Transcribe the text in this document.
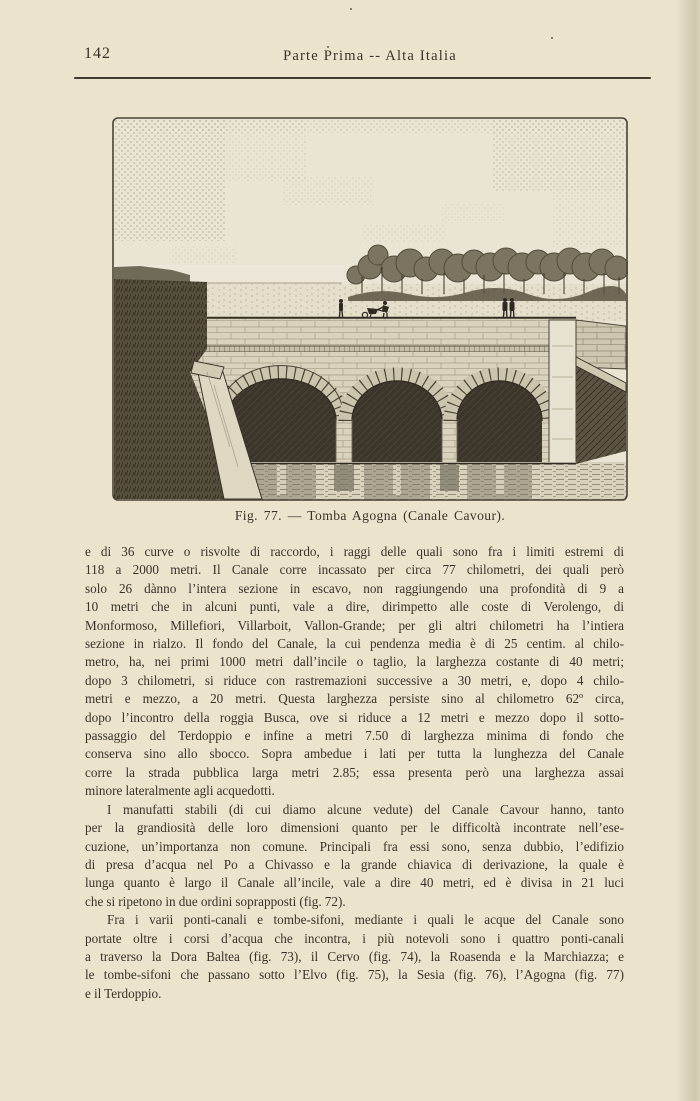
142	Parte Prima -- Alta Italia
Fig. 77. — Tomba Agogna (Canale Cavour).
e di 36 curve o risvolte di raccordo, i raggi delle quali sono fra i limiti estremi di
118 a 2000 metri. Il Canale corre incassato per circa 77 chilometri, dei quali però
solo 26 dànno l’intera sezione in escavo, non raggiungendo una profondità di 9 a
10 metri che in alcuni punti, vale a dire, dirimpetto alle coste di Verolengo, di
Monformoso, Millefiori, Villarboit, Vallon-Grande; per gli altri chilometri ha l’intiera
sezione in rialzo. Il fondo del Canale, la cui pendenza media è di 25 centim. al chilo-
metro, ha, nei primi 1000 metri dall’incile o taglio, la larghezza costante di 40 metri;
dopo 3 chilometri, si riduce con rastremazioni successive a 30 metri, e, dopo 4 chilo-
metri e mezzo, a 20 metri. Questa larghezza persiste sino al chilometro 62º circa,
dopo l’incontro della roggia Busca, ove si riduce a 12 metri e mezzo dopo il sotto-
passaggio del Terdoppio e infine a metri 7.50 di larghezza minima di fondo che
conserva sino allo sbocco. Sopra ambedue i lati per tutta la lunghezza del Canale
corre la strada pubblica larga metri 2.85; essa presenta però una larghezza assai
minore lateralmente agli acquedotti.
I manufatti stabili (di cui diamo alcune vedute) del Canale Cavour hanno, tanto
per la grandiosità delle loro dimensioni quanto per le difficoltà incontrate nell’ese-
cuzione, un’importanza non comune. Principali fra essi sono, senza dubbio, l’edifizio
di presa d’acqua nel Po a Chivasso e la grande chiavica di derivazione, la quale è
lunga quanto è largo il Canale all’incile, vale a dire 40 metri, ed è divisa in 21 luci
che si ripetono in due ordini soprapposti (fig. 72).
Fra i varii ponti-canali e tombe-sifoni, mediante i quali le acque del Canale sono
portate oltre i corsi d’acqua che incontra, i più notevoli sono i quattro ponti-canali
a traverso la Dora Baltea (fig. 73), il Cervo (fig. 74), la Roasenda e la Marchiazza; e
le tombe-sifoni che passano sotto l’Elvo (fig. 75), la Sesia (fig. 76), l’Agogna (fig. 77)
e il Terdoppio.
